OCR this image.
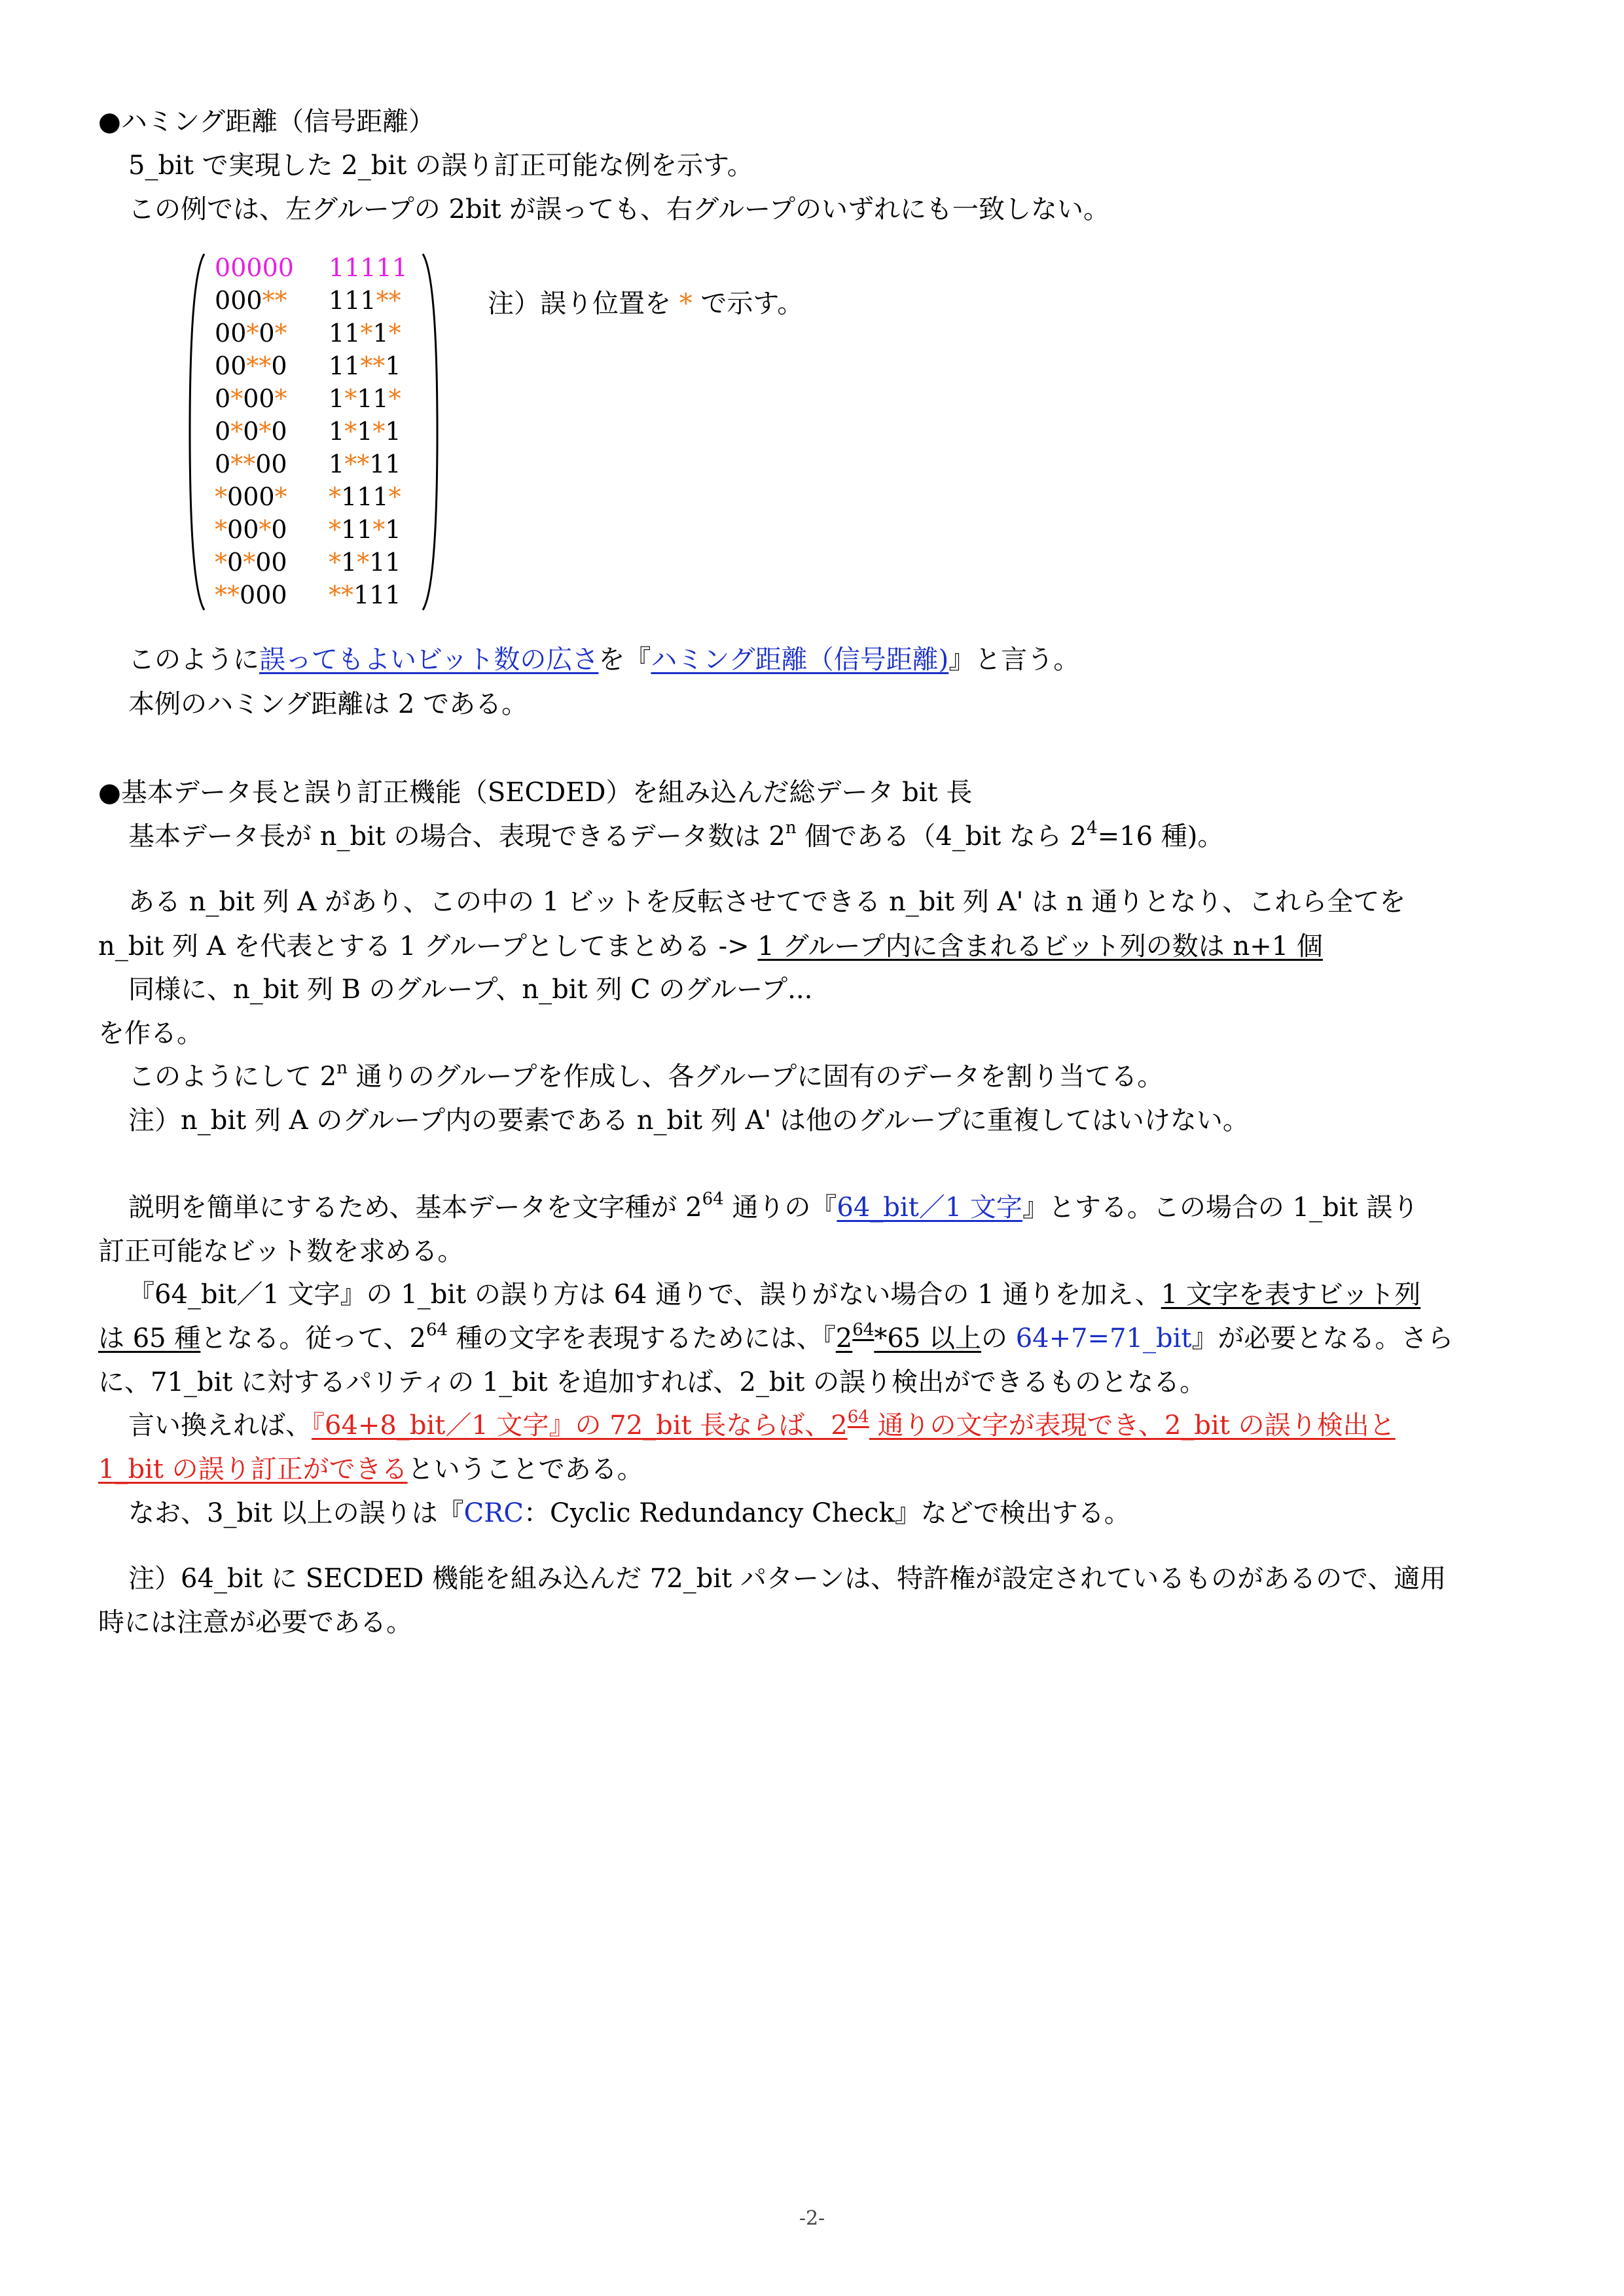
●ハミング距離（信号距離）
5_bit で実現した 2_bit の誤り訂正可能な例を示す。
この例では、左グループの 2bit が誤っても、右グループのいずれにも一致しない。
00000 11111
000** 111**
00*0* 11*1*
00**0 11**1
0*00* 1*11*
0*0*0 1*1*1
0**00 1**11
*000* *111*
*00*0 *11*1
*0*00 *1*11
**000 **111
注）誤り位置を * で示す。
このように誤ってもよいビット数の広さを『ハミング距離（信号距離)』と言う。
本例のハミング距離は 2 である。
●基本データ長と誤り訂正機能（SECDED）を組み込んだ総データ bit 長
基本データ長が n_bit の場合、表現できるデータ数は 2$^n$ 個である（4_bit なら $2^4=16$ 種)。
ある n_bit 列 A があり、この中の 1 ビットを反転させてできる n_bit 列 A' は n 通りとなり、これら全てを
n_bit 列 A を代表とする 1 グループとしてまとめる -> 1 グループ内に含まれるビット列の数は n+1 個
同様に、n_bit 列 B のグループ、n_bit 列 C のグループ...
を作る。
このようにして 2$^n$ 通りのグループを作成し、各グループに固有のデータを割り当てる。
注）n_bit 列 A のグループ内の要素である n_bit 列 A' は他のグループに重複してはいけない。
説明を簡単にするため、基本データを文字種が $2^{64}$ 通りの『64_bit／1 文字』とする。この場合の 1_bit 誤り
訂正可能なビット数を求める。
『64_bit／1 文字』の 1_bit の誤り方は 64 通りで、誤りがない場合の 1 通りを加え、1 文字を表すビット列
は 65 種となる。従って、$2^{64}$ 種の文字を表現するためには、『$2^{64}*65$ 以上の 64+7=71_bit』が必要となる。さら
に、71_bit に対するパリティの 1_bit を追加すれば、2_bit の誤り検出ができるものとなる。
言い換えれば、『64+8_bit／1 文字』の 72_bit 長ならば、$2^{64}$ 通りの文字が表現でき、2_bit の誤り検出と
1_bit の誤り訂正ができるということである。
なお、3_bit 以上の誤りは『CRC：Cyclic Redundancy Check』などで検出する。
注）64_bit に SECDED 機能を組み込んだ 72_bit パターンは、特許権が設定されているものがあるので、適用
時には注意が必要である。
-2-
